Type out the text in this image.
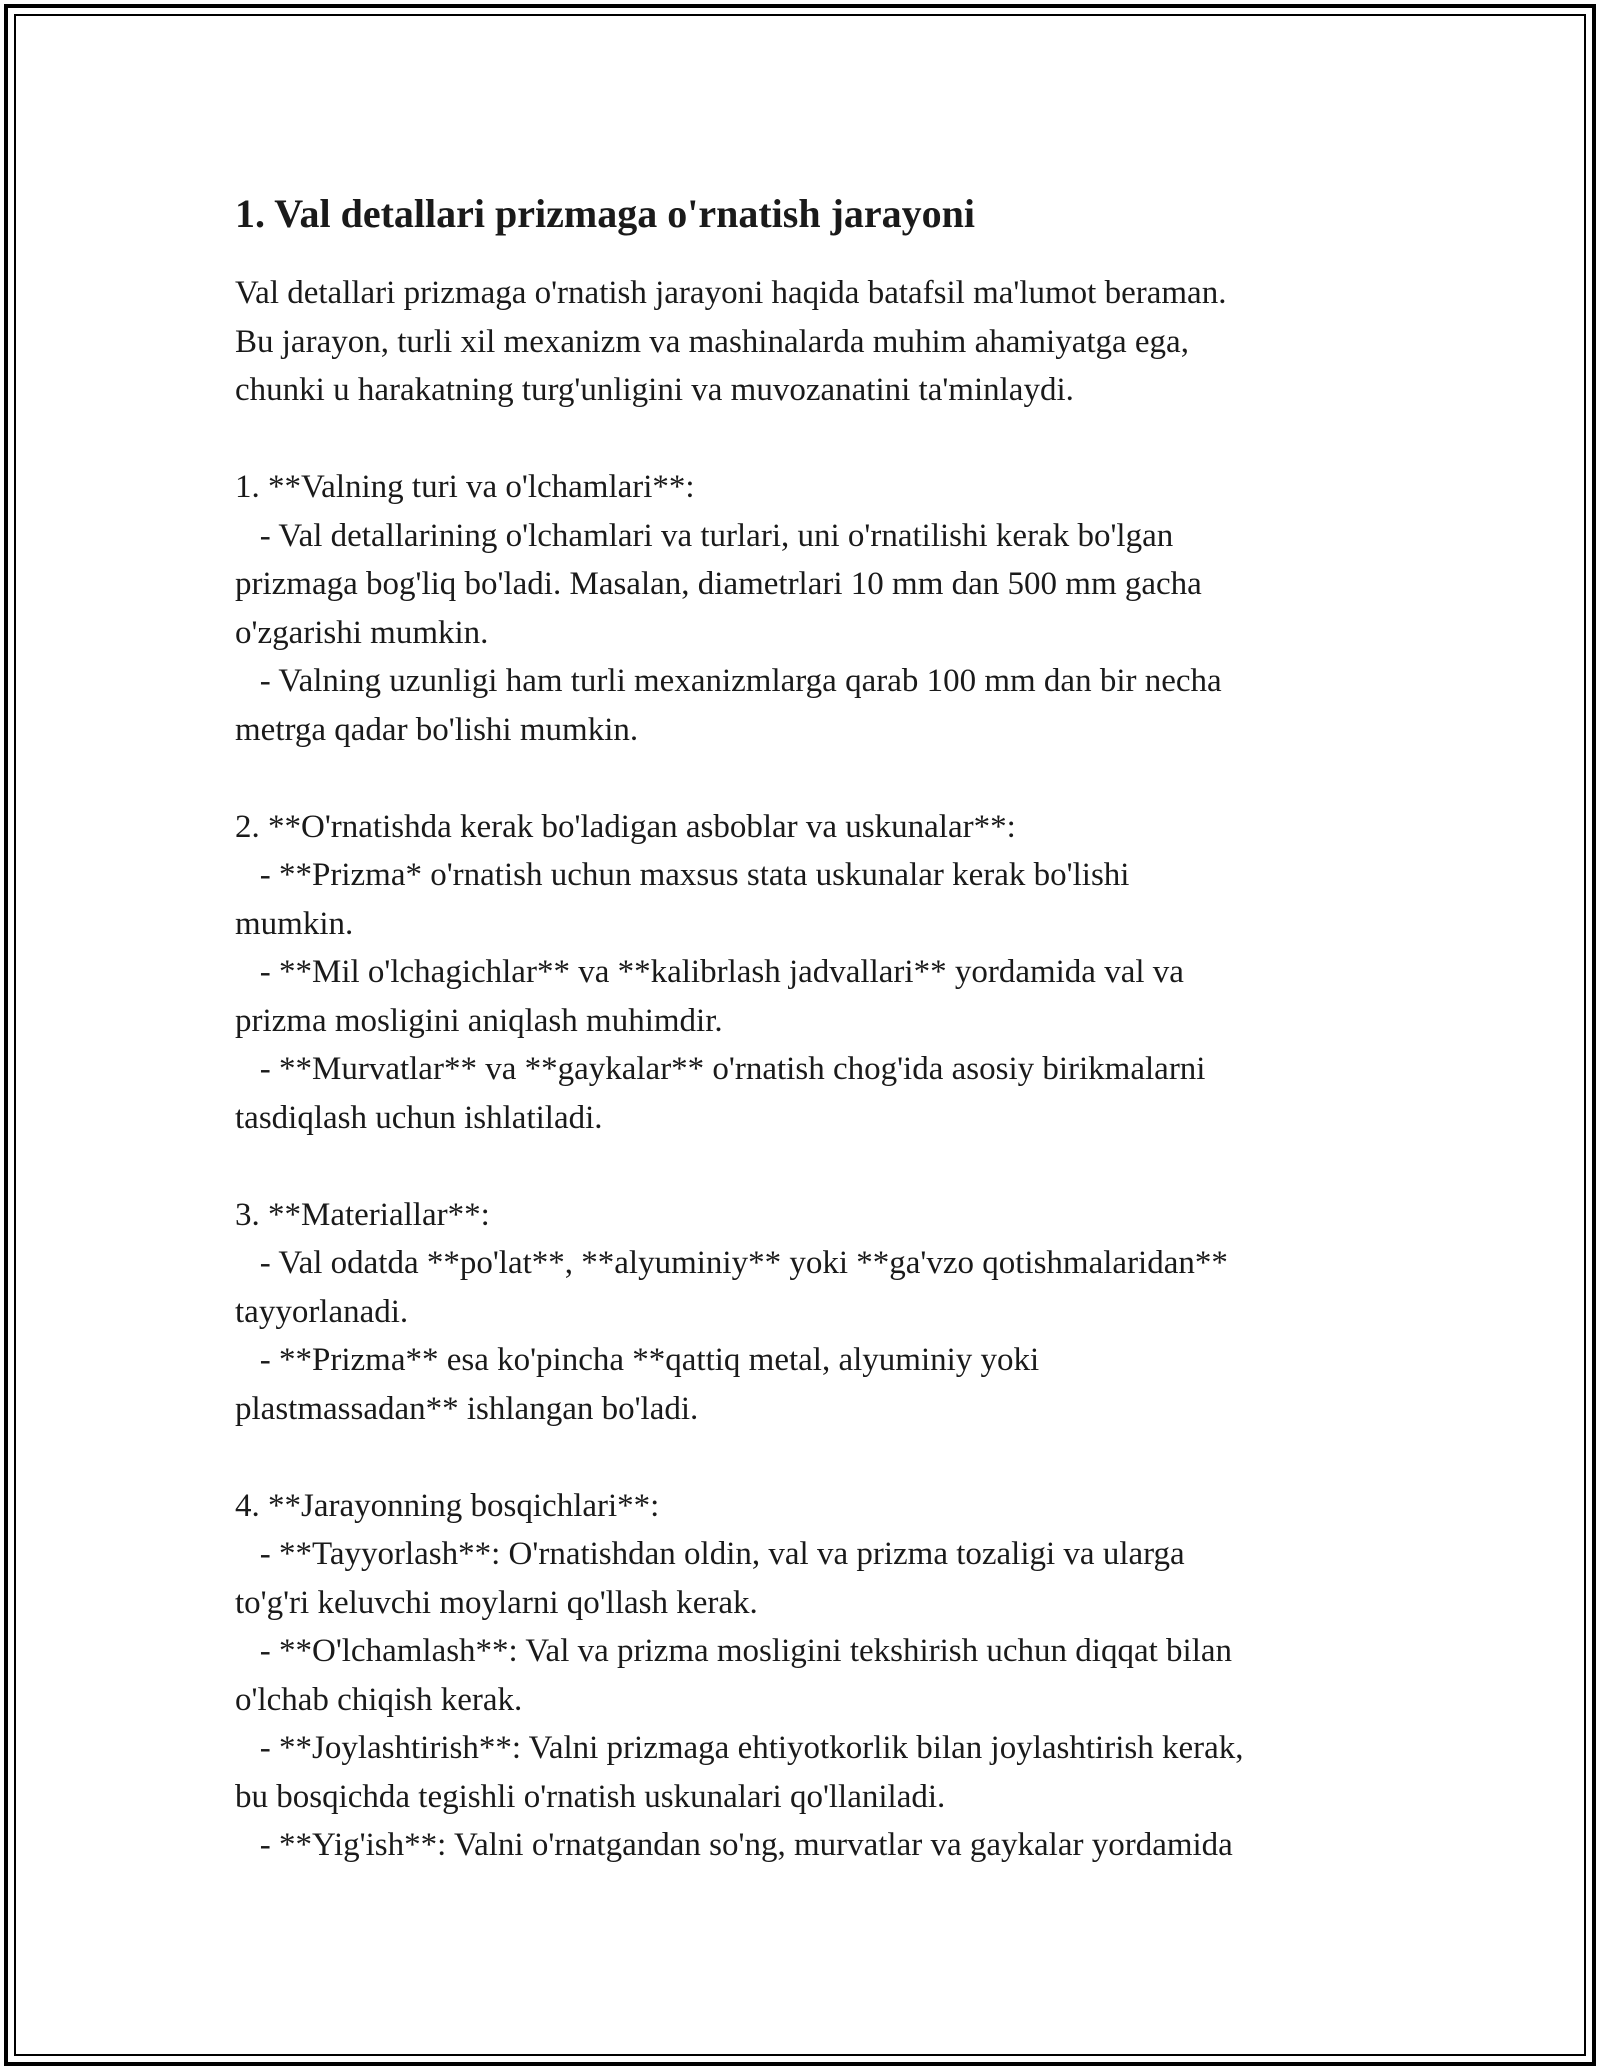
1. Val detallari prizmaga o'rnatish jarayoni
Val detallari prizmaga o'rnatish jarayoni haqida batafsil ma'lumot beraman.
Bu jarayon, turli xil mexanizm va mashinalarda muhim ahamiyatga ega,
chunki u harakatning turg'unligini va muvozanatini ta'minlaydi.
1. **Valning turi va o'lchamlari**:
- Val detallarining o'lchamlari va turlari, uni o'rnatilishi kerak bo'lgan
prizmaga bog'liq bo'ladi. Masalan, diametrlari 10 mm dan 500 mm gacha
o'zgarishi mumkin.
- Valning uzunligi ham turli mexanizmlarga qarab 100 mm dan bir necha
metrga qadar bo'lishi mumkin.
2. **O'rnatishda kerak bo'ladigan asboblar va uskunalar**:
- **Prizma* o'rnatish uchun maxsus stata uskunalar kerak bo'lishi
mumkin.
- **Mil o'lchagichlar** va **kalibrlash jadvallari** yordamida val va
prizma mosligini aniqlash muhimdir.
- **Murvatlar** va **gaykalar** o'rnatish chog'ida asosiy birikmalarni
tasdiqlash uchun ishlatiladi.
3. **Materiallar**:
- Val odatda **po'lat**, **alyuminiy** yoki **ga'vzo qotishmalaridan**
tayyorlanadi.
- **Prizma** esa ko'pincha **qattiq metal, alyuminiy yoki
plastmassadan** ishlangan bo'ladi.
4. **Jarayonning bosqichlari**:
- **Tayyorlash**: O'rnatishdan oldin, val va prizma tozaligi va ularga
to'g'ri keluvchi moylarni qo'llash kerak.
- **O'lchamlash**: Val va prizma mosligini tekshirish uchun diqqat bilan
o'lchab chiqish kerak.
- **Joylashtirish**: Valni prizmaga ehtiyotkorlik bilan joylashtirish kerak,
bu bosqichda tegishli o'rnatish uskunalari qo'llaniladi.
- **Yig'ish**: Valni o'rnatgandan so'ng, murvatlar va gaykalar yordamida
